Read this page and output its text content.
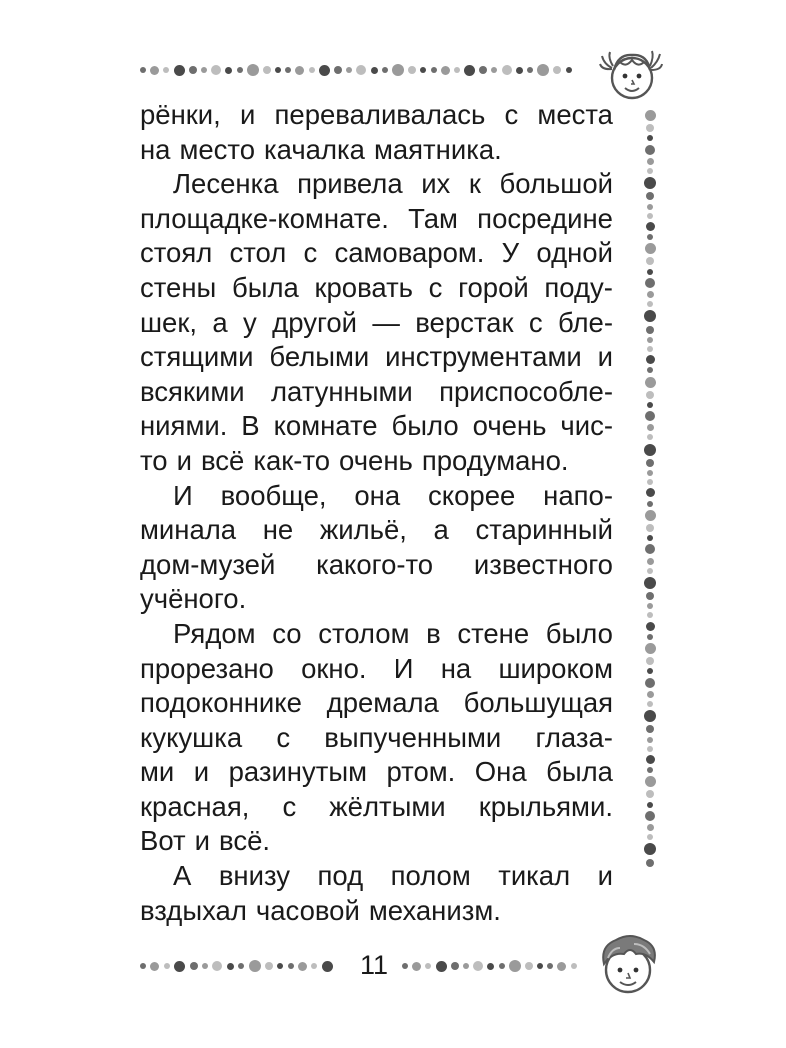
рёнки, и переваливалась с места
на место качалка маятника.
Лесенка привела их к большой
площадке-комнате. Там посредине
стоял стол с самоваром. У одной
стены была кровать с горой поду-
шек, а у другой — верстак с бле-
стящими белыми инструментами и
всякими латунными приспособле-
ниями. В комнате было очень чис-
то и всё как-то очень продумано.
И вообще, она скорее напо-
минала не жильё, а старинный
дом-музей какого-то известного
учёного.
Рядом со столом в стене было
прорезано окно. И на широком
подоконнике дремала большущая
кукушка с выпученными глаза-
ми и разинутым ртом. Она была
красная, с жёлтыми крыльями.
Вот и всё.
А внизу под полом тикал и
вздыхал часовой механизм.
11
